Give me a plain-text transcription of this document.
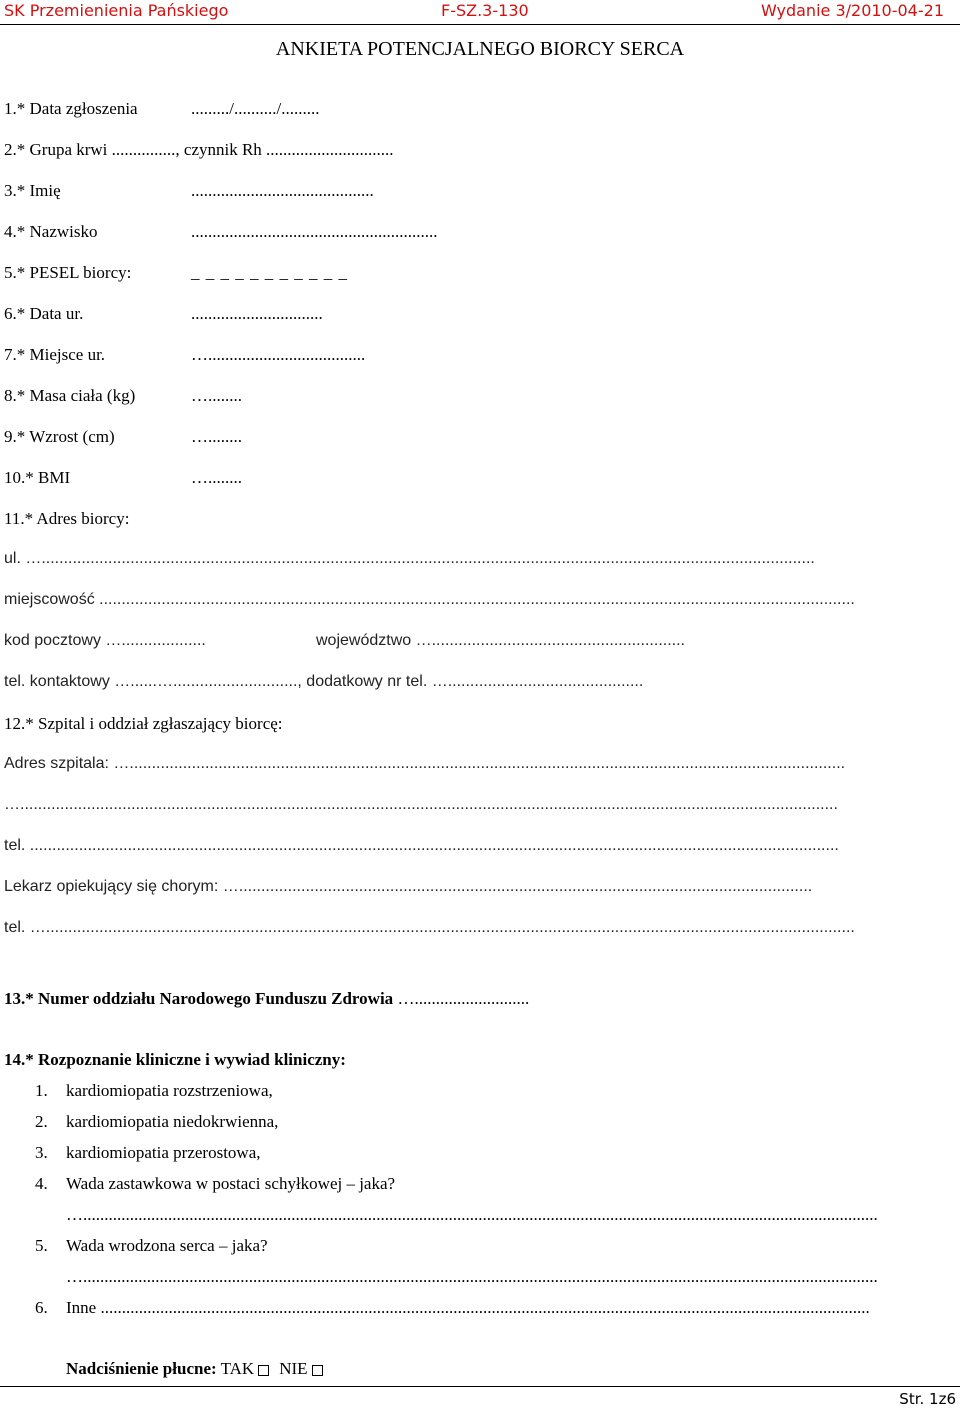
SK Przemienienia Pańskiego	F-SZ.3-130	Wydanie 3/2010-04-21
ANKIETA POTENCJALNEGO BIORCY SERCA
1.* Data zgłoszenia	........./........../.........
2.* Grupa krwi ..............., czynnik Rh ..............................
3.* Imię	...........................................
4.* Nazwisko	..........................................................
5.* PESEL biorcy:	_ _ _ _ _ _ _ _ _ _ _
6.* Data ur.	...............................
7.* Miejsce ur.	….....................................
8.* Masa ciała (kg)	…........
9.* Wzrost (cm)	…........
10.* BMI	…........
11.* Adres biorcy:
ul. …..............................................................................................................................................................................
miejscowość ..........................................................................................................................................................................
kod pocztowy …...................	województwo ….........................................................
tel. kontaktowy …......…............................, dodatkowy nr tel. …............................................
12.* Szpital i oddział zgłaszający biorcę:
Adres szpitala: ….................................................................................................................................................................
…........................................................................................................................................................................................
tel. ......................................................................................................................................................................................
Lekarz opiekujący się chorym: ….................................................................................................................................
tel. …......................................................................................................................................................................................
13.* Numer oddziału Narodowego Funduszu Zdrowia …...........................
14.* Rozpoznanie kliniczne i wywiad kliniczny:
1. kardiomiopatia rozstrzeniowa,
2. kardiomiopatia niedokrwienna,
3. kardiomiopatia przerostowa,
4. Wada zastawkowa w postaci schyłkowej – jaka?
…...........................................................................................................................................................................................
5. Wada wrodzona serca – jaka?
…...........................................................................................................................................................................................
6. Inne .....................................................................................................................................................................................
Nadciśnienie płucne: TAK NIE
Str. 1z6
